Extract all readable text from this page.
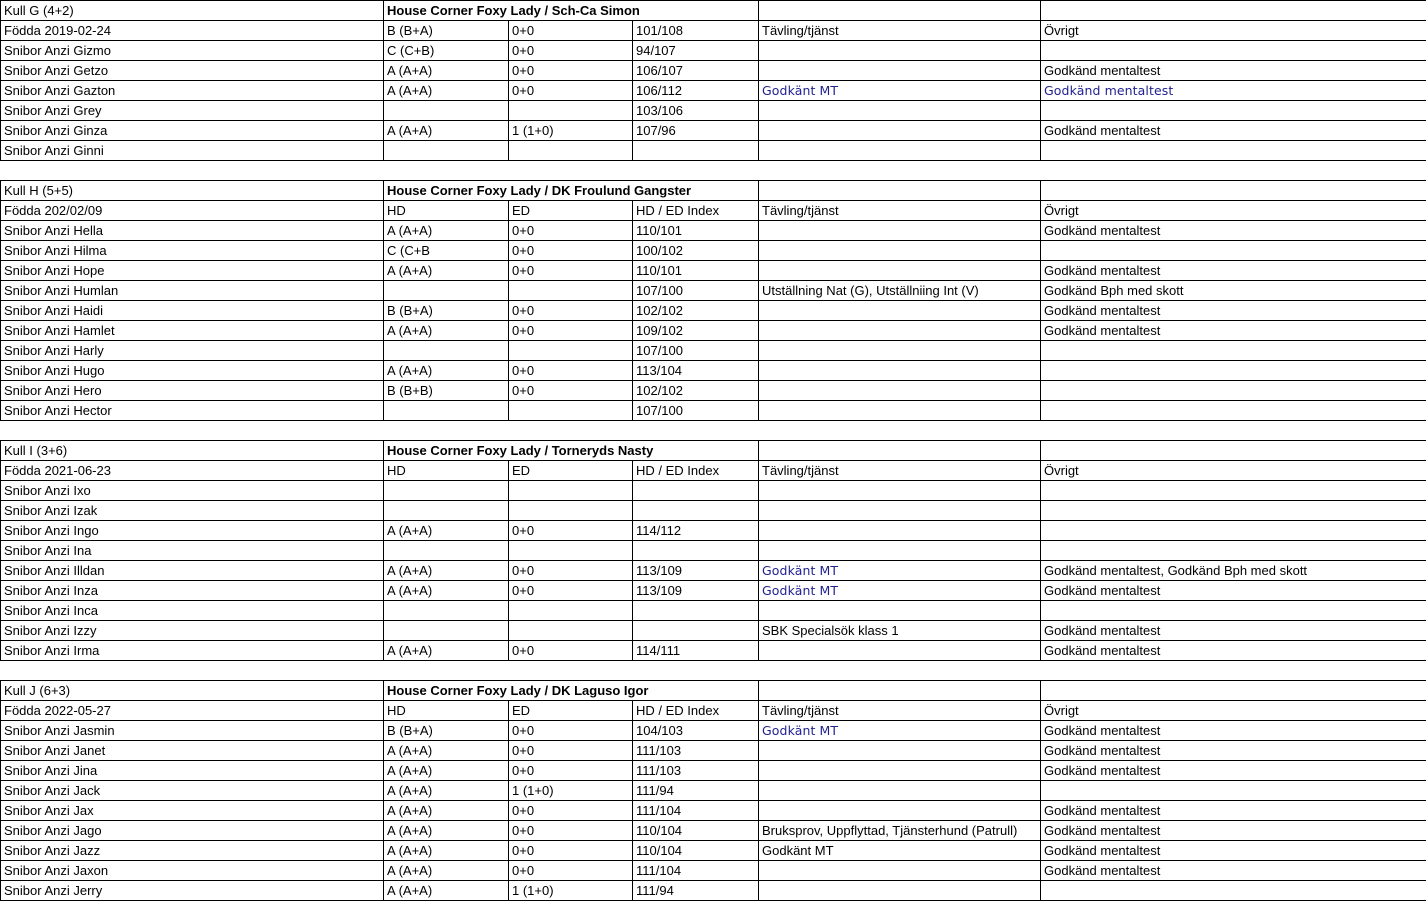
Kull G (4+2)	House Corner Foxy Lady / Sch-Ca Simon				
Födda 2019-02-24	B (B+A)	0+0	101/108	Tävling/tjänst	Övrigt
Snibor Anzi Gizmo	C (C+B)	0+0	94/107		
Snibor Anzi Getzo	A (A+A)	0+0	106/107		Godkänd mentaltest
Snibor Anzi Gazton	A (A+A)	0+0	106/112	Godkänt MT	Godkänd mentaltest
Snibor Anzi Grey			103/106		
Snibor Anzi Ginza	A (A+A)	1 (1+0)	107/96		Godkänd mentaltest
Snibor Anzi Ginni					

Kull H (5+5)	House Corner Foxy Lady / DK Froulund Gangster				
Födda 202/02/09	HD	ED	HD / ED Index	Tävling/tjänst	Övrigt
Snibor Anzi Hella	A (A+A)	0+0	110/101		Godkänd mentaltest
Snibor Anzi Hilma	C (C+B	0+0	100/102		
Snibor Anzi Hope	A (A+A)	0+0	110/101		Godkänd mentaltest
Snibor Anzi Humlan			107/100	Utställning Nat (G), Utställniing Int (V)	Godkänd Bph med skott
Snibor Anzi Haidi	B (B+A)	0+0	102/102		Godkänd mentaltest
Snibor Anzi Hamlet	A (A+A)	0+0	109/102		Godkänd mentaltest
Snibor Anzi Harly			107/100		
Snibor Anzi Hugo	A (A+A)	0+0	113/104		
Snibor Anzi Hero	B (B+B)	0+0	102/102		
Snibor Anzi Hector			107/100		

Kull I (3+6)	House Corner Foxy Lady / Torneryds Nasty				
Födda 2021-06-23	HD	ED	HD / ED Index	Tävling/tjänst	Övrigt
Snibor Anzi Ixo					
Snibor Anzi Izak					
Snibor Anzi Ingo	A (A+A)	0+0	114/112		
Snibor Anzi Ina					
Snibor Anzi Illdan	A (A+A)	0+0	113/109	Godkänt MT	Godkänd mentaltest, Godkänd Bph med skott
Snibor Anzi Inza	A (A+A)	0+0	113/109	Godkänt MT	Godkänd mentaltest
Snibor Anzi Inca					
Snibor Anzi Izzy				SBK Specialsök klass 1	Godkänd mentaltest
Snibor Anzi Irma	A (A+A)	0+0	114/111		Godkänd mentaltest

Kull J (6+3)	House Corner Foxy Lady / DK Laguso Igor				
Födda 2022-05-27	HD	ED	HD / ED Index	Tävling/tjänst	Övrigt
Snibor Anzi Jasmin	B (B+A)	0+0	104/103	Godkänt MT	Godkänd mentaltest
Snibor Anzi Janet	A (A+A)	0+0	111/103		Godkänd mentaltest
Snibor Anzi Jina	A (A+A)	0+0	111/103		Godkänd mentaltest
Snibor Anzi Jack	A (A+A)	1 (1+0)	111/94		
Snibor Anzi Jax	A (A+A)	0+0	111/104		Godkänd mentaltest
Snibor Anzi Jago	A (A+A)	0+0	110/104	Bruksprov, Uppflyttad, Tjänsterhund (Patrull)	Godkänd mentaltest
Snibor Anzi Jazz	A (A+A)	0+0	110/104	Godkänt MT	Godkänd mentaltest
Snibor Anzi Jaxon	A (A+A)	0+0	111/104		Godkänd mentaltest
Snibor Anzi Jerry	A (A+A)	1 (1+0)	111/94		
